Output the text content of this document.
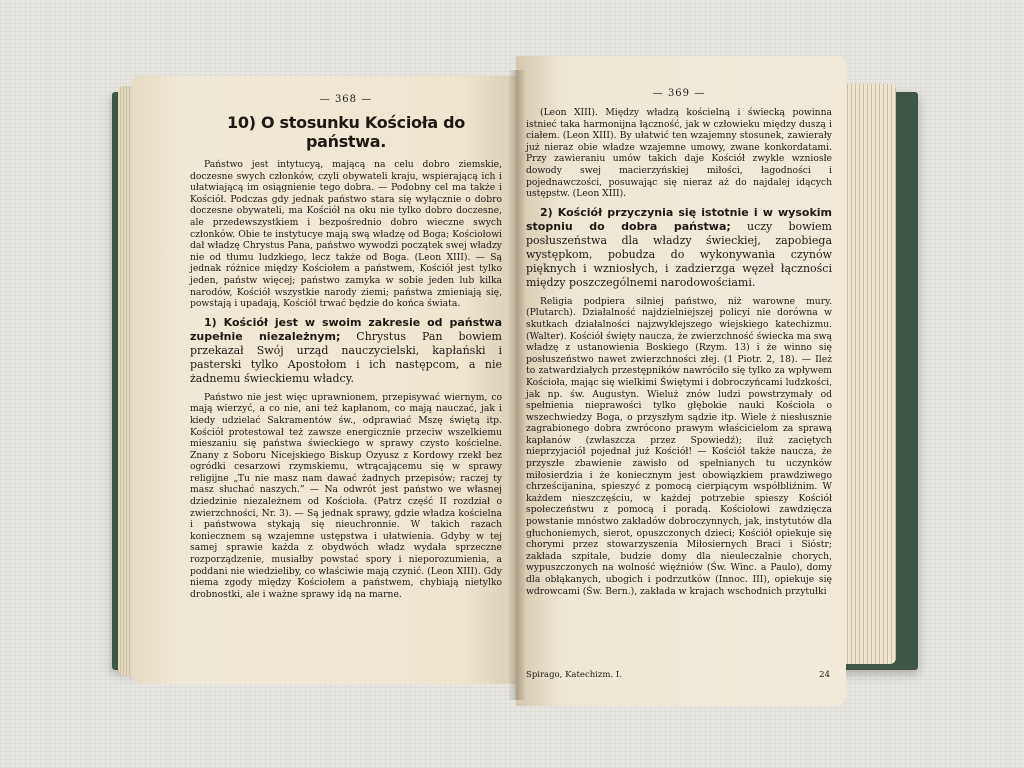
— 368 —
10) O stosunku Kościoła do państwa.

Państwo jest intytucyą, mającą na celu dobro ziemskie, doczesne swych członków, czyli obywateli kraju, wspierającą ich i ułatwiającą im osiągnienie tego dobra. — Podobny cel ma także i Kościół. Podczas gdy jednak państwo stara się wyłącznie o dobro doczesne obywateli, ma Kościół na oku nie tylko dobro doczesne, ale przedewszystkiem i bezpośrednio dobro wieczne swych członków. Obie te instytucye mają swą władzę od Boga; Kościołowi dał władzę Chrystus Pana, państwo wywodzi początek swej władzy nie od tłumu ludzkiego, lecz także od Boga. (Leon XIII). — Są jednak różnice między Kościołem a państwem, Kościół jest tylko jeden, państw więcej; państwo zamyka w sobie jeden lub kilka narodów, Kościół wszystkie narody ziemi; państwa zmieniają się, powstają i upadają, Kościół trwać będzie do końca świata.

1) Kościół jest w swoim zakresie od państwa zupełnie niezależnym; Chrystus Pan bowiem przekazał Swój urząd nauczycielski, kapłański i pasterski tylko Apostołom i ich następcom, a nie żadnemu świeckiemu władcy.

Państwo nie jest więc uprawnionem, przepisywać wiernym, co mają wierzyć, a co nie, ani też kapłanom, co mają nauczać, jak i kiedy udzielać Sakramentów św., odprawiać Mszę świętą itp. Kościół protestował też zawsze energicznie przeciw wszelkiemu mieszaniu się państwa świeckiego w sprawy czysto kościelne. Znany z Soboru Nicejskiego Biskup Ozyusz z Kordowy rzekł bez ogródki cesarzowi rzymskiemu, wtrącającemu się w sprawy religijne „Tu nie masz nam dawać żadnych przepisów; raczej ty masz słuchać naszych.” — Na odwrót jest państwo we własnej dziedzinie niezależnem od Kościoła. (Patrz część II rozdział o zwierzchności, Nr. 3). — Są jednak sprawy, gdzie władza kościelna i państwowa stykają się nieuchronnie. W takich razach koniecznem są wzajemne ustępstwa i ułatwienia. Gdyby w tej samej sprawie każda z obydwóch władz wydała sprzeczne rozporządzenie, musiałby powstać spory i nieporozumienia, a poddani nie wiedzieliby, co właściwie mają czynić. (Leon XIII). Gdy niema zgody między Kościołem a państwem, chybiają nietylko drobnostki, ale i ważne sprawy idą na marne.

— 369 —

(Leon XIII). Między władzą kościelną i świecką powinna istnieć taka harmonijna łączność, jak w człowieku między duszą i ciałem. (Leon XIII). By ułatwić ten wzajemny stosunek, zawierały już nieraz obie władze wzajemne umowy, zwane konkordatami. Przy zawieraniu umów takich daje Kościół zwykle wzniosłe dowody swej macierzyńskiej miłości, łagodności i pojednawczości, posuwając się nieraz aż do najdalej idących ustępstw. (Leon XIII).

2) Kościół przyczynia się istotnie i w wysokim stopniu do dobra państwa; uczy bowiem posłuszeństwa dla władzy świeckiej, zapobiega występkom, pobudza do wykonywania czynów pięknych i wzniosłych, i zadzierzga węzeł łączności między poszczególnemi narodowościami.

Religia podpiera silniej państwo, niż warowne mury. (Plutarch). Działalność najdzielniejszej policyi nie dorówna w skutkach działalności najzwyklejszego wiejskiego katechizmu. (Walter). Kościół święty naucza, że zwierzchność świecka ma swą władzę z ustanowienia Boskiego (Rzym. 13) i że winno się posłuszeństwo nawet zwierzchności złej. (1 Piotr. 2, 18). — Ileż to zatwardziałych przestępników nawróciło się tylko za wpływem Kościoła, mając się wielkimi Świętymi i dobroczyńcami ludzkości, jak np. św. Augustyn. Wieluż znów ludzi powstrzymały od spełnienia nieprawości tylko głębokie nauki Kościoła o wszechwiedzy Boga, o przyszłym sądzie itp. Wiele ż niesłusznie zagrabionego dobra zwrócono prawym właścicielom za sprawą kapłanów (zwłaszcza przez Spowiedź); iluż zaciętych nieprzyjaciół pojednał już Kościół! — Kościół także naucza, że przyszłe zbawienie zawisło od spełnianych tu uczynków miłosierdzia i że koniecznym jest obowiązkiem prawdziwego chrześcijanina, spieszyć z pomocą cierpiącym współbliźnim. W każdem nieszczęściu, w każdej potrzebie spieszy Kościół społeczeństwu z pomocą i poradą. Kościołowi zawdzięcza powstanie mnóstwo zakładów dobroczynnych, jak, instytutów dla głuchoniemych, sierot, opuszczonych dzieci; Kościół opiekuje się chorymi przez stowarzyszenia Miłosiernych Braci i Sióstr; zakłada szpitale, budzie domy dla nieuleczalnie chorych, wypuszczonych na wolność więźniów (Św. Winc. a Paulo), domy dla obłąkanych, ubogich i podrzutków (Innoc. III), opiekuje się wdrowcami (Św. Bern.), zakłada w krajach wschodnich przytułki

Spirago, Katechizm. I.	24
